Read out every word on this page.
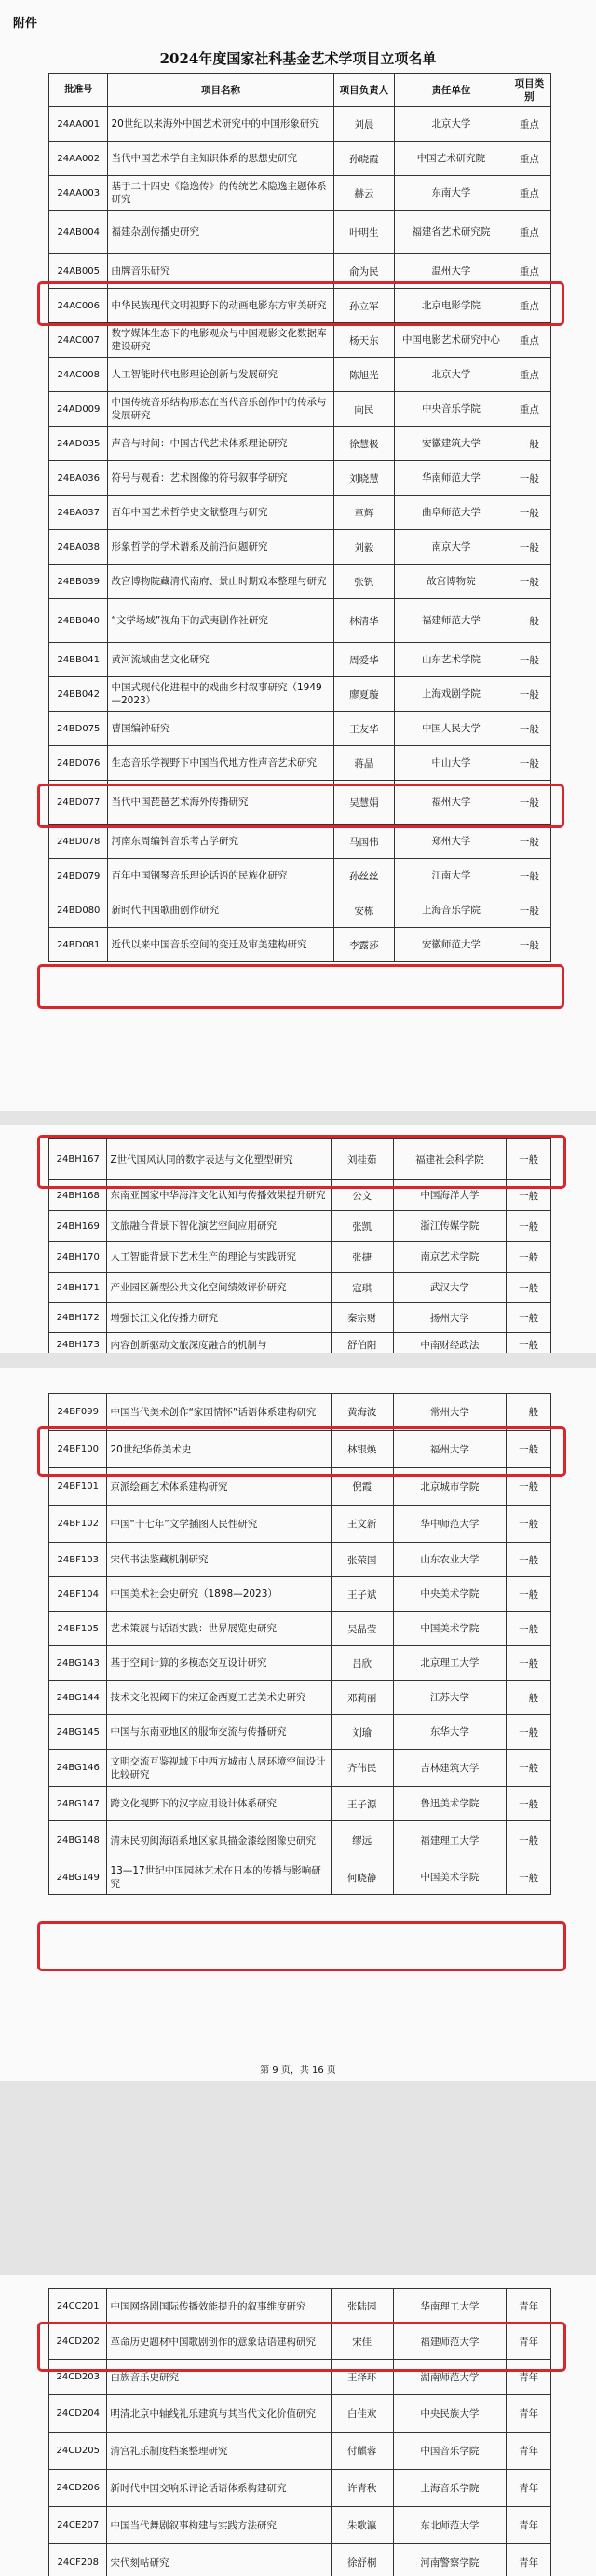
附件
2024年度国家社科基金艺术学项目立项名单
批准号	项目名称	项目负责人	责任单位	项目类别
24AA001	20世纪以来海外中国艺术研究中的中国形象研究	刘晨	北京大学	重点
24AA002	当代中国艺术学自主知识体系的思想史研究	孙晓霞	中国艺术研究院	重点
24AA003	基于二十四史《隐逸传》的传统艺术隐逸主题体系研究	赫云	东南大学	重点
24AB004	福建杂剧传播史研究	叶明生	福建省艺术研究院	重点
24AB005	曲牌音乐研究	俞为民	温州大学	重点
24AC006	中华民族现代文明视野下的动画电影东方审美研究	孙立军	北京电影学院	重点
24AC007	数字媒体生态下的电影观众与中国观影文化数据库建设研究	杨天东	中国电影艺术研究中心	重点
24AC008	人工智能时代电影理论创新与发展研究	陈旭光	北京大学	重点
24AD009	中国传统音乐结构形态在当代音乐创作中的传承与发展研究	向民	中央音乐学院	重点
24AD035	声音与时间：中国古代艺术体系理论研究	徐慧极	安徽建筑大学	一般
24BA036	符号与观看：艺术图像的符号叙事学研究	刘晓慧	华南师范大学	一般
24BA037	百年中国艺术哲学史文献整理与研究	章辉	曲阜师范大学	一般
24BA038	形象哲学的学术谱系及前沿问题研究	刘毅	南京大学	一般
24BB039	故宫博物院藏清代南府、景山时期戏本整理与研究	张钒	故宫博物院	一般
24BB040	“文学场域”视角下的武夷剧作社研究	林清华	福建师范大学	一般
24BB041	黄河流域曲艺文化研究	周爱华	山东艺术学院	一般
24BB042	中国式现代化进程中的戏曲乡村叙事研究（1949—2023）	廖夏璇	上海戏剧学院	一般
24BD075	曹国编钟研究	王友华	中国人民大学	一般
24BD076	生态音乐学视野下中国当代地方性声音艺术研究	蒋晶	中山大学	一般
24BD077	当代中国琵琶艺术海外传播研究	吴慧娟	福州大学	一般
24BD078	河南东周编钟音乐考古学研究	马国伟	郑州大学	一般
24BD079	百年中国钢琴音乐理论话语的民族化研究	孙丝丝	江南大学	一般
24BD080	新时代中国歌曲创作研究	安栋	上海音乐学院	一般
24BD081	近代以来中国音乐空间的变迁及审美建构研究	李露莎	安徽师范大学	一般
24BH167	Z世代国风认同的数字表达与文化塑型研究	刘桂茹	福建社会科学院	一般
24BH168	东南亚国家中华海洋文化认知与传播效果提升研究	公文	中国海洋大学	一般
24BH169	文旅融合背景下智化演艺空间应用研究	张凯	浙江传媒学院	一般
24BH170	人工智能背景下艺术生产的理论与实践研究	张捷	南京艺术学院	一般
24BH171	产业园区新型公共文化空间绩效评价研究	寇琪	武汉大学	一般
24BH172	增强长江文化传播力研究	秦宗财	扬州大学	一般
24BH173	内容创新驱动文旅深度融合的机制与	舒伯阳	中南财经政法	一般
24BF099	中国当代美术创作“家国情怀”话语体系建构研究	黄海波	常州大学	一般
24BF100	20世纪华侨美术史	林银焕	福州大学	一般
24BF101	京派绘画艺术体系建构研究	倪霞	北京城市学院	一般
24BF102	中国“十七年”文学插图人民性研究	王文新	华中师范大学	一般
24BF103	宋代书法鉴藏机制研究	张荣国	山东农业大学	一般
24BF104	中国美术社会史研究（1898—2023）	王子斌	中央美术学院	一般
24BF105	艺术策展与话语实践：世界展览史研究	吴晶莹	中国美术学院	一般
24BG143	基于空间计算的多模态交互设计研究	吕欣	北京理工大学	一般
24BG144	技术文化视阈下的宋辽金西夏工艺美术史研究	邓莉丽	江苏大学	一般
24BG145	中国与东南亚地区的服饰交流与传播研究	刘瑜	东华大学	一般
24BG146	文明交流互鉴视域下中西方城市人居环境空间设计比较研究	齐伟民	吉林建筑大学	一般
24BG147	跨文化视野下的汉字应用设计体系研究	王子源	鲁迅美术学院	一般
24BG148	清末民初闽海语系地区家具描金漆绘图像史研究	缪远	福建理工大学	一般
24BG149	13—17世纪中国园林艺术在日本的传播与影响研究	何晓静	中国美术学院	一般
第 9 页，共 16 页
24CC201	中国网络剧国际传播效能提升的叙事维度研究	张陆园	华南理工大学	青年
24CD202	革命历史题材中国歌剧创作的意象话语建构研究	宋佳	福建师范大学	青年
24CD203	白族音乐史研究	王泽环	湖南师范大学	青年
24CD204	明清北京中轴线礼乐建筑与其当代文化价值研究	白佳欢	中央民族大学	青年
24CD205	清宫礼乐制度档案整理研究	付麒蓉	中国音乐学院	青年
24CD206	新时代中国交响乐评论话语体系构建研究	许青秋	上海音乐学院	青年
24CE207	中国当代舞剧叙事构建与实践方法研究	朱歌瀛	东北师范大学	青年
24CF208	宋代刻帖研究	徐舒桐	河南警察学院	青年
